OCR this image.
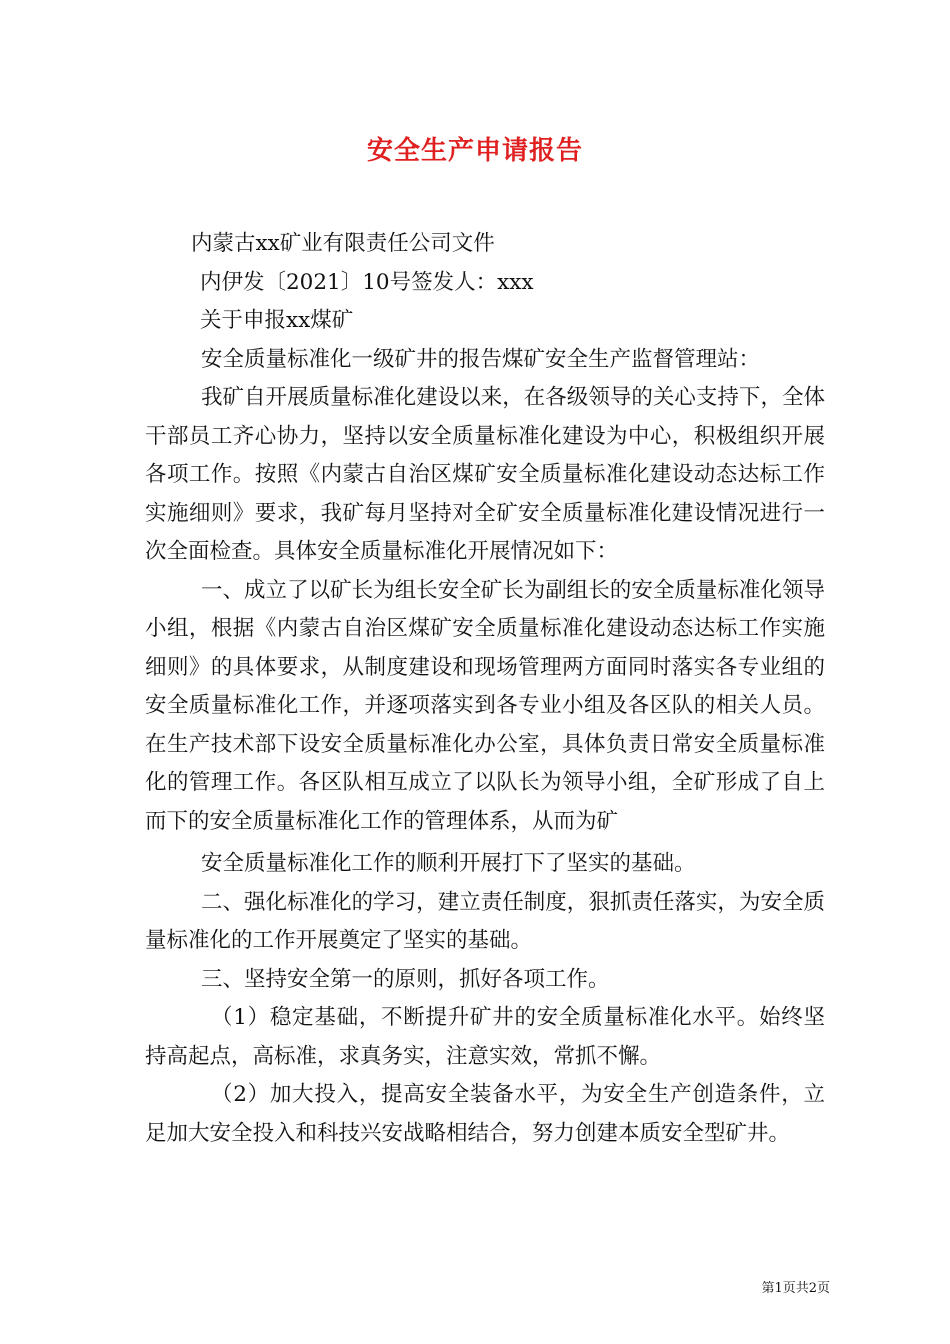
安全生产申请报告

内蒙古xx矿业有限责任公司文件

内伊发〔2021〕10号签发人：xxx

关于申报xx煤矿

安全质量标准化一级矿井的报告煤矿安全生产监督管理站：

我矿自开展质量标准化建设以来，在各级领导的关心支持下，全体干部员工齐心协力，坚持以安全质量标准化建设为中心，积极组织开展各项工作。按照《内蒙古自治区煤矿安全质量标准化建设动态达标工作实施细则》要求，我矿每月坚持对全矿安全质量标准化建设情况进行一次全面检查。具体安全质量标准化开展情况如下：

一、成立了以矿长为组长安全矿长为副组长的安全质量标准化领导小组，根据《内蒙古自治区煤矿安全质量标准化建设动态达标工作实施细则》的具体要求，从制度建设和现场管理两方面同时落实各专业组的安全质量标准化工作，并逐项落实到各专业小组及各区队的相关人员。在生产技术部下设安全质量标准化办公室，具体负责日常安全质量标准化的管理工作。各区队相互成立了以队长为领导小组，全矿形成了自上而下的安全质量标准化工作的管理体系，从而为矿

安全质量标准化工作的顺利开展打下了坚实的基础。

二、强化标准化的学习，建立责任制度，狠抓责任落实，为安全质量标准化的工作开展奠定了坚实的基础。

三、坚持安全第一的原则，抓好各项工作。

（1）稳定基础，不断提升矿井的安全质量标准化水平。始终坚持高起点，高标准，求真务实，注意实效，常抓不懈。

（2）加大投入，提高安全装备水平，为安全生产创造条件，立足加大安全投入和科技兴安战略相结合，努力创建本质安全型矿井。

第1页共2页
